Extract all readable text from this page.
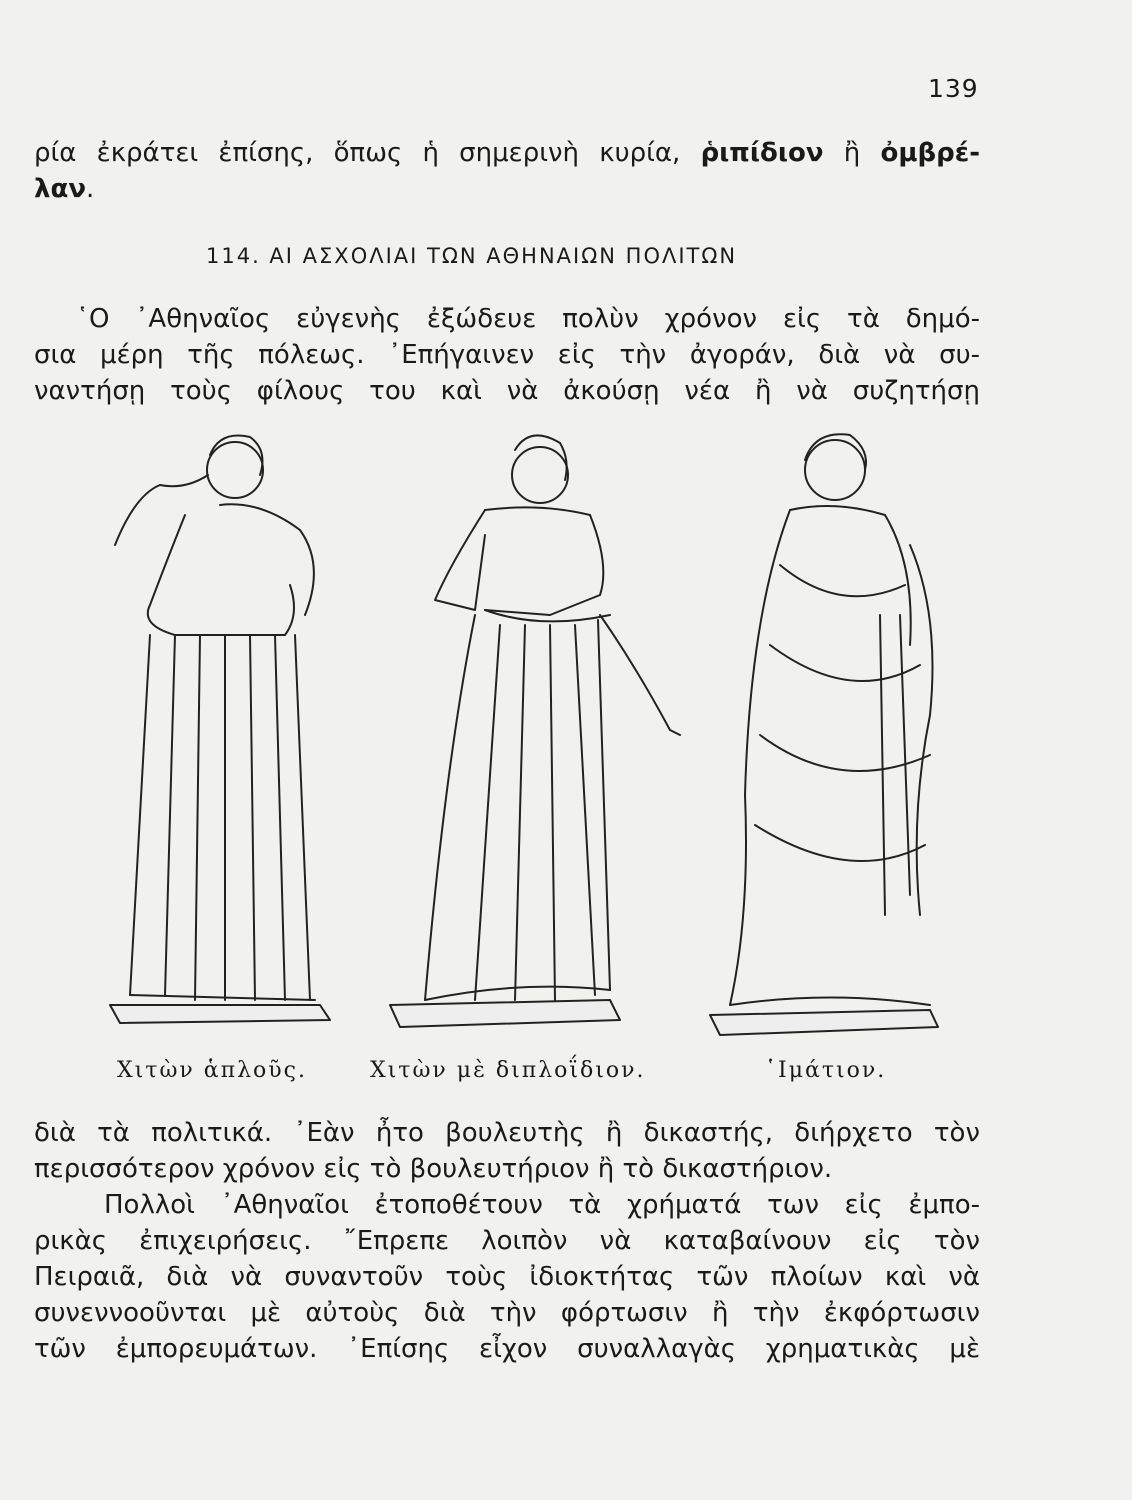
139
ρία ἐκράτει ἐπίσης, ὅπως ἡ σημερινὴ κυρία, ῥιπίδιον ἢ ὀμβρέ-
λαν.
114. ΑΙ ΑΣΧΟΛΙΑΙ ΤΩΝ ΑΘΗΝΑΙΩΝ ΠΟΛΙΤΩΝ
῾Ο ᾽Αθηναῖος εὐγενὴς ἐξώδευε πολὺν χρόνον εἰς τὰ δημό-
σια μέρη τῆς πόλεως. ᾽Επήγαινεν εἰς τὴν ἀγοράν, διὰ νὰ συ-
ναντήσῃ τοὺς φίλους του καὶ νὰ ἀκούσῃ νέα ἢ νὰ συζητήσῃ
Χιτὼν ἁπλοῦς.	Χιτὼν μὲ διπλοΐδιον.	῾Ιμάτιον.
διὰ τὰ πολιτικά. ᾽Εὰν ἦτο βουλευτὴς ἢ δικαστής, διήρχετο τὸν
περισσότερον χρόνον εἰς τὸ βουλευτήριον ἢ τὸ δικαστήριον.
Πολλοὶ ᾽Αθηναῖοι ἐτοποθέτουν τὰ χρήματά των εἰς ἐμπο-
ρικὰς ἐπιχειρήσεις. ῎Επρεπε λοιπὸν νὰ καταβαίνουν εἰς τὸν
Πειραιᾶ, διὰ νὰ συναντοῦν τοὺς ἰδιοκτήτας τῶν πλοίων καὶ νὰ
συνεννοοῦνται μὲ αὐτοὺς διὰ τὴν φόρτωσιν ἢ τὴν ἐκφόρτωσιν
τῶν ἐμπορευμάτων. ᾽Επίσης εἶχον συναλλαγὰς χρηματικὰς μὲ
